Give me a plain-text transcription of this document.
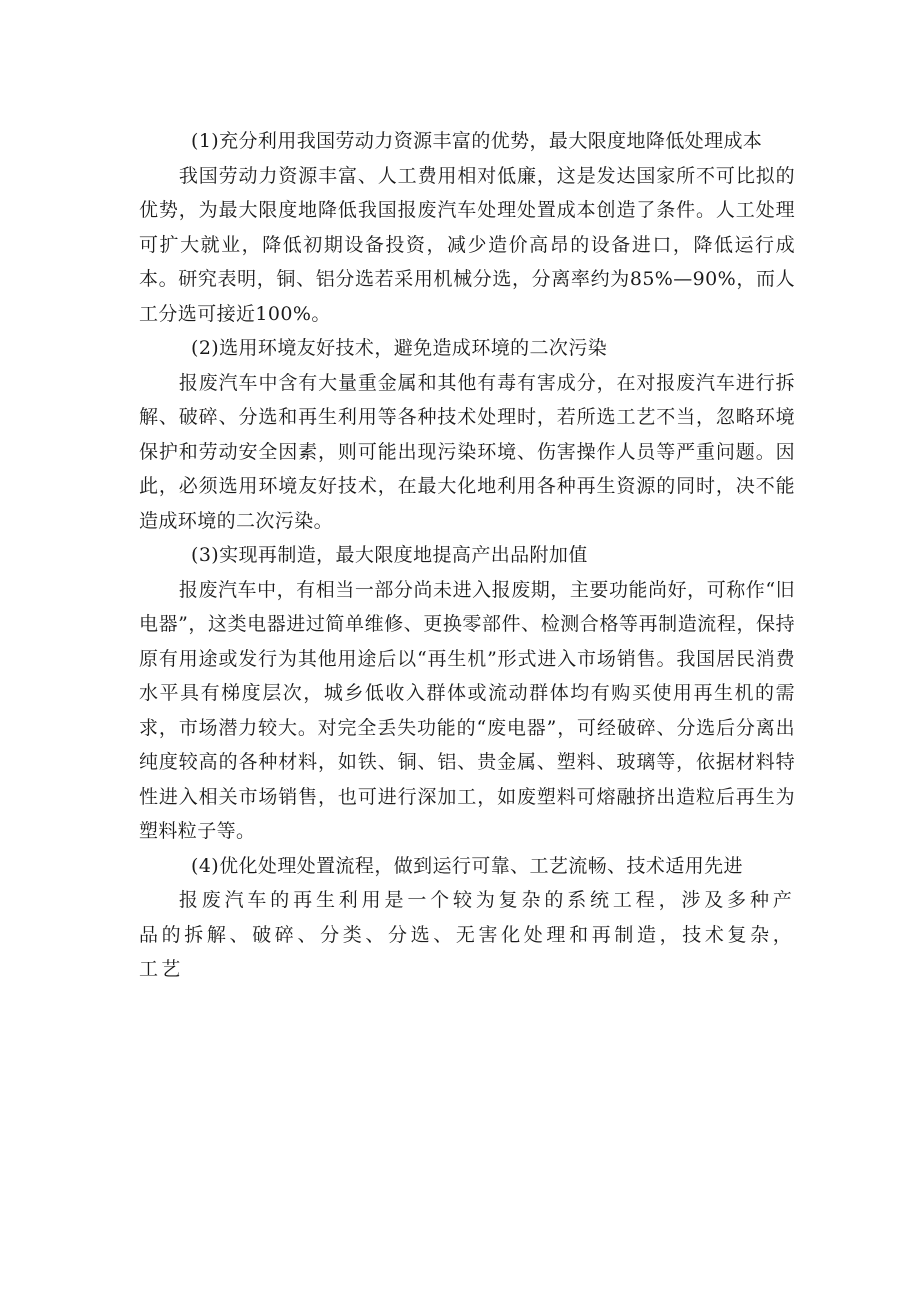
(1)充分利用我国劳动力资源丰富的优势，最大限度地降低处理成本

我国劳动力资源丰富、人工费用相对低廉，这是发达国家所不可比拟的优势，为最大限度地降低我国报废汽车处理处置成本创造了条件。人工处理可扩大就业，降低初期设备投资，减少造价高昂的设备进口，降低运行成本。研究表明，铜、铝分选若采用机械分选，分离率约为85%—90%，而人工分选可接近100%。

(2)选用环境友好技术，避免造成环境的二次污染

报废汽车中含有大量重金属和其他有毒有害成分，在对报废汽车进行拆解、破碎、分选和再生利用等各种技术处理时，若所选工艺不当，忽略环境保护和劳动安全因素，则可能出现污染环境、伤害操作人员等严重问题。因此，必须选用环境友好技术，在最大化地利用各种再生资源的同时，决不能造成环境的二次污染。

(3)实现再制造，最大限度地提高产出品附加值

报废汽车中，有相当一部分尚未进入报废期，主要功能尚好，可称作“旧电器”，这类电器进过简单维修、更换零部件、检测合格等再制造流程，保持原有用途或发行为其他用途后以“再生机”形式进入市场销售。我国居民消费水平具有梯度层次，城乡低收入群体或流动群体均有购买使用再生机的需求，市场潜力较大。对完全丢失功能的“废电器”，可经破碎、分选后分离出纯度较高的各种材料，如铁、铜、铝、贵金属、塑料、玻璃等，依据材料特性进入相关市场销售，也可进行深加工，如废塑料可熔融挤出造粒后再生为塑料粒子等。

(4)优化处理处置流程，做到运行可靠、工艺流畅、技术适用先进

报废汽车的再生利用是一个较为复杂的系统工程，涉及多种产品的拆解、破碎、分类、分选、无害化处理和再制造，技术复杂，工艺
